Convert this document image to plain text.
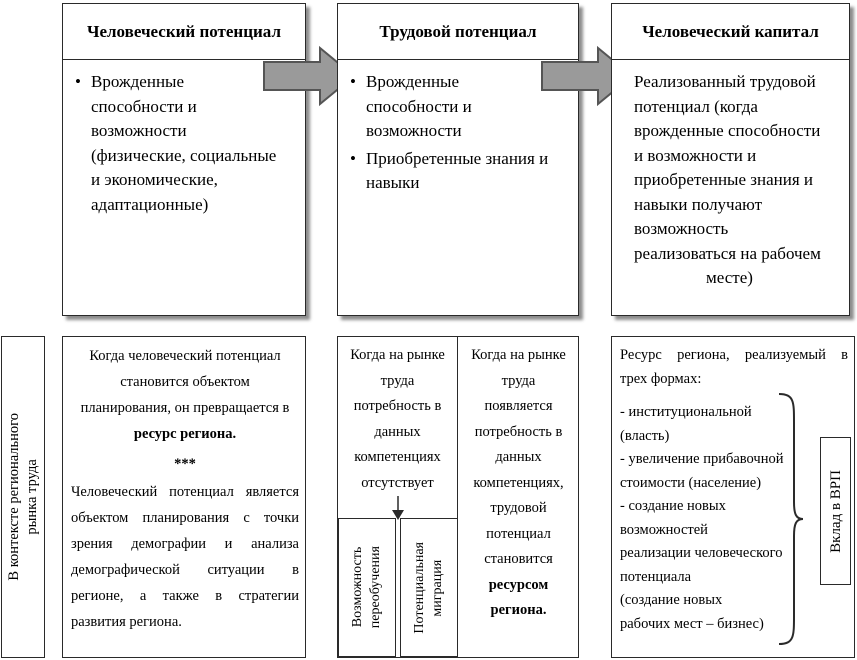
Человеческий потенциал
• Врожденные
способности и
возможности
(физические, социальные
и экономические,
адаптационные)
Трудовой потенциал
• Врожденные
способности и
возможности
• Приобретенные знания и
навыки
Человеческий капитал
Реализованный трудовой
потенциал (когда
врожденные способности
и возможности и
приобретенные знания и
навыки получают
возможность
реализоваться на рабочем
месте)
В контексте регионального рынка труда
Когда человеческий потенциал
становится объектом
планирования, он превращается в
ресурс региона.
***
Человеческий потенциал является
объектом планирования с точки
зрения демографии и анализа
демографической ситуации в
регионе, а также в стратегии
развития региона.
Когда на рынке
труда
потребность в
данных
компетенциях
отсутствует
Возможность переобучения Потенциальная миграция
Когда на рынке
труда
появляется
потребность в
данных
компетенциях,
трудовой
потенциал
становится
ресурсом
региона.
Ресурс региона, реализуемый в
трех формах:
- институциональной
(власть)
- увеличение прибавочной
стоимости (население)
- создание новых
возможностей
реализации человеческого
потенциала
(создание новых
рабочих мест – бизнес)
Вклад в ВРП
